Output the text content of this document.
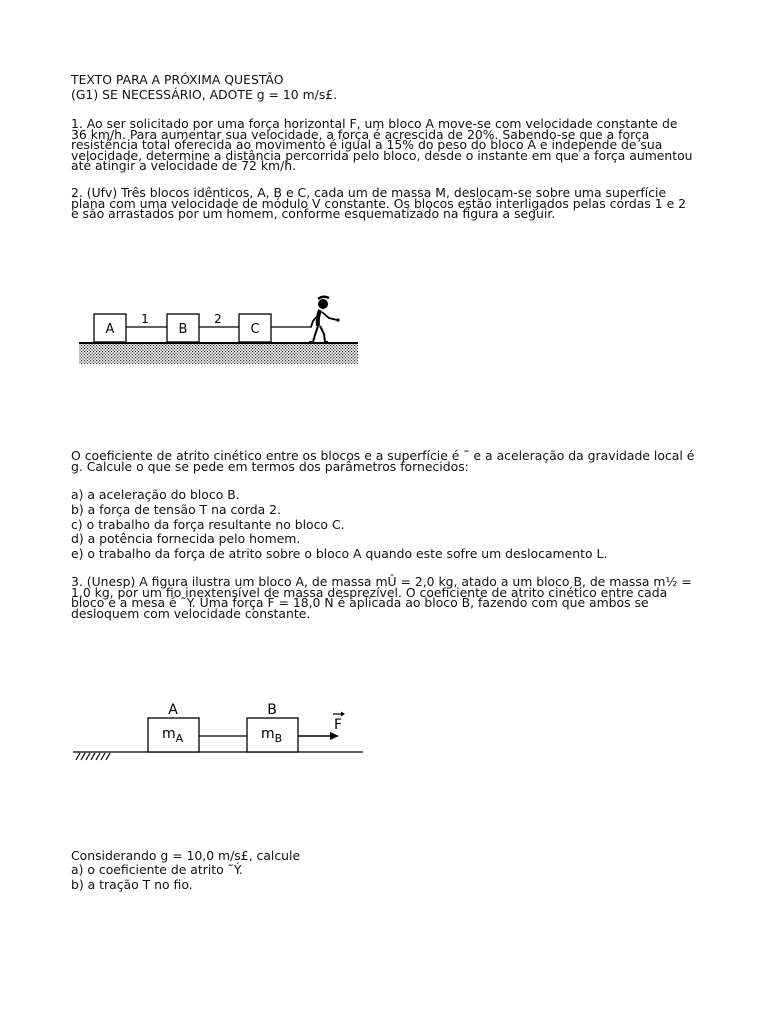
TEXTO PARA A PRÓXIMA QUESTÃO
(G1) SE NECESSÁRIO, ADOTE g = 10 m/s£.
1. Ao ser solicitado por uma força horizontal F, um bloco A move-se com velocidade constante de 36 km/h. Para aumentar sua velocidade, a força é acrescida de 20%. Sabendo-se que a força resistência total oferecida ao movimento é igual a 15% do peso do bloco A e independe de sua velocidade, determine a distância percorrida pelo bloco, desde o instante em que a força aumentou até atingir a velocidade de 72 km/h.
2. (Ufv) Três blocos idênticos, A, B e C, cada um de massa M, deslocam-se sobre uma superfície plana com uma velocidade de módulo V constante. Os blocos estão interligados pelas cordas 1 e 2 e são arrastados por um homem, conforme esquematizado na figura a seguir.
A	B	C
1	2
O coeficiente de atrito cinético entre os blocos e a superfície é ˜ e a aceleração da gravidade local é g. Calcule o que se pede em termos dos parâmetros fornecidos:
a) a aceleração do bloco B.
b) a força de tensão T na corda 2.
c) o trabalho da força resultante no bloco C.
d) a potência fornecida pelo homem.
e) o trabalho da força de atrito sobre o bloco A quando este sofre um deslocamento L.
3. (Unesp) A figura ilustra um bloco A, de massa mÛ = 2,0 kg, atado a um bloco B, de massa m½ = 1,0 kg, por um fio inextensível de massa desprezível. O coeficiente de atrito cinético entre cada bloco e a mesa é ˜Ý. Uma força F = 18,0 N é aplicada ao bloco B, fazendo com que ambos se desloquem com velocidade constante.
A	B
$m_A$	$m_B$
F
Considerando g = 10,0 m/s£, calcule
a) o coeficiente de atrito ˜Ý.
b) a tração T no fio.
